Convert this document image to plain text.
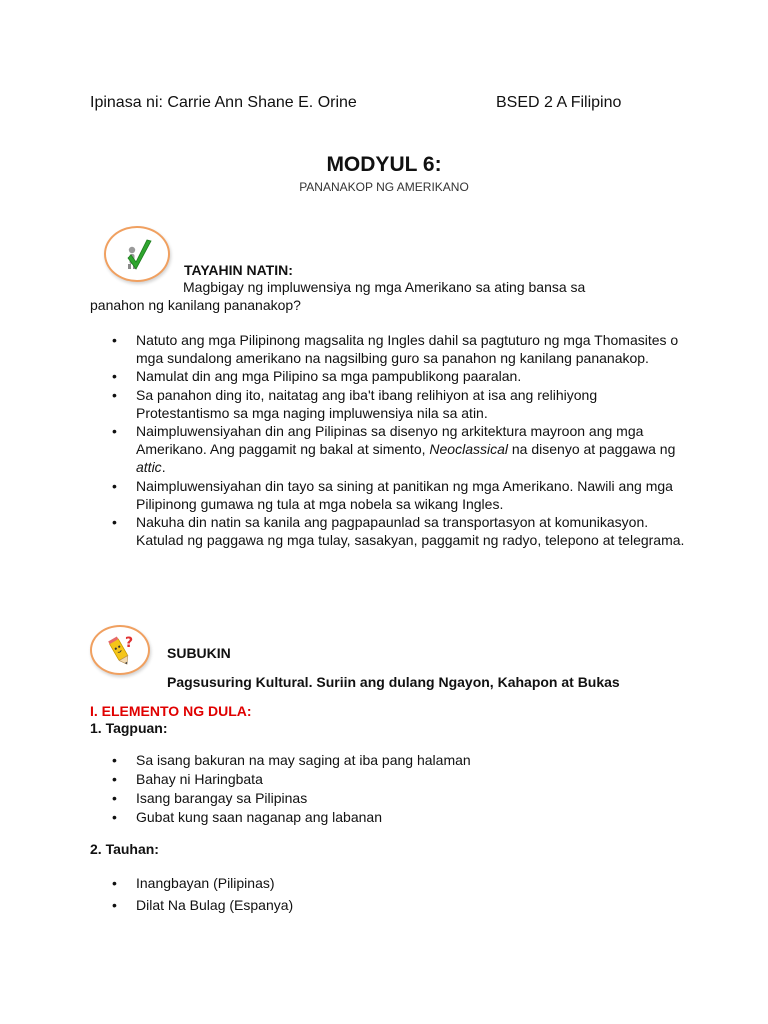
Ipinasa ni: Carrie Ann Shane E. Orine	BSED 2 A Filipino
MODYUL 6:
PANANAKOP NG AMERIKANO
TAYAHIN NATIN:
Magbigay ng impluwensiya ng mga Amerikano sa ating bansa sa
panahon ng kanilang pananakop?
• Natuto ang mga Pilipinong magsalita ng Ingles dahil sa pagtuturo ng mga Thomasites o mga sundalong amerikano na nagsilbing guro sa panahon ng kanilang pananakop.
• Namulat din ang mga Pilipino sa mga pampublikong paaralan.
• Sa panahon ding ito, naitatag ang iba't ibang relihiyon at isa ang relihiyong Protestantismo sa mga naging impluwensiya nila sa atin.
• Naimpluwensiyahan din ang Pilipinas sa disenyo ng arkitektura mayroon ang mga Amerikano. Ang paggamit ng bakal at simento, Neoclassical na disenyo at paggawa ng attic.
• Naimpluwensiyahan din tayo sa sining at panitikan ng mga Amerikano. Nawili ang mga Pilipinong gumawa ng tula at mga nobela sa wikang Ingles.
• Nakuha din natin sa kanila ang pagpapaunlad sa transportasyon at komunikasyon. Katulad ng paggawa ng mga tulay, sasakyan, paggamit ng radyo, telepono at telegrama.
?
SUBUKIN
Pagsusuring Kultural. Suriin ang dulang Ngayon, Kahapon at Bukas
I. ELEMENTO NG DULA:
1. Tagpuan:
• Sa isang bakuran na may saging at iba pang halaman
• Bahay ni Haringbata
• Isang barangay sa Pilipinas
• Gubat kung saan naganap ang labanan
2. Tauhan:
• Inangbayan (Pilipinas)
• Dilat Na Bulag (Espanya)
